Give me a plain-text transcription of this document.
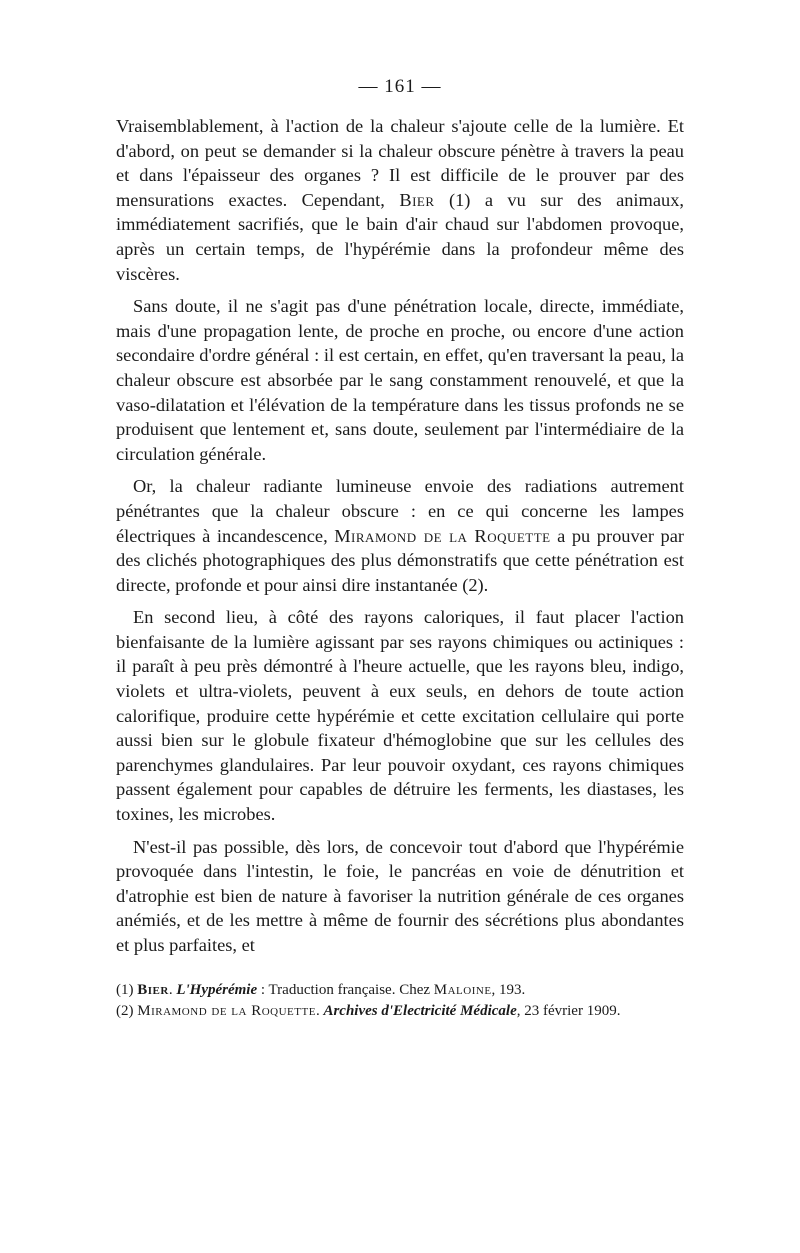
— 161 —

Vraisemblablement, à l'action de la chaleur s'ajoute celle de la lumière. Et d'abord, on peut se demander si la chaleur obscure pénètre à travers la peau et dans l'épaisseur des organes ? Il est difficile de le prouver par des mensurations exactes. Cependant, Bier (1) a vu sur des animaux, immédiatement sacrifiés, que le bain d'air chaud sur l'abdomen provoque, après un certain temps, de l'hypérémie dans la profondeur même des viscères.

Sans doute, il ne s'agit pas d'une pénétration locale, directe, immédiate, mais d'une propagation lente, de proche en proche, ou encore d'une action secondaire d'ordre général : il est certain, en effet, qu'en traversant la peau, la chaleur obscure est absorbée par le sang constamment renouvelé, et que la vaso-dilatation et l'élévation de la température dans les tissus profonds ne se produisent que lentement et, sans doute, seulement par l'intermédiaire de la circulation générale.

Or, la chaleur radiante lumineuse envoie des radiations autrement pénétrantes que la chaleur obscure : en ce qui concerne les lampes électriques à incandescence, Miramond de la Roquette a pu prouver par des clichés photographiques des plus démonstratifs que cette pénétration est directe, profonde et pour ainsi dire instantanée (2).

En second lieu, à côté des rayons caloriques, il faut placer l'action bienfaisante de la lumière agissant par ses rayons chimiques ou actiniques : il paraît à peu près démontré à l'heure actuelle, que les rayons bleu, indigo, violets et ultra-violets, peuvent à eux seuls, en dehors de toute action calorifique, produire cette hypérémie et cette excitation cellulaire qui porte aussi bien sur le globule fixateur d'hémoglobine que sur les cellules des parenchymes glandulaires. Par leur pouvoir oxydant, ces rayons chimiques passent également pour capables de détruire les ferments, les diastases, les toxines, les microbes.

N'est-il pas possible, dès lors, de concevoir tout d'abord que l'hypérémie provoquée dans l'intestin, le foie, le pancréas en voie de dénutrition et d'atrophie est bien de nature à favoriser la nutrition générale de ces organes anémiés, et de les mettre à même de fournir des sécrétions plus abondantes et plus parfaites, et

(1) Bier. L'Hypérémie : Traduction française. Chez Maloine, 193.

(2) Miramond de la Roquette. Archives d'Electricité Médicale, 23 février 1909.
